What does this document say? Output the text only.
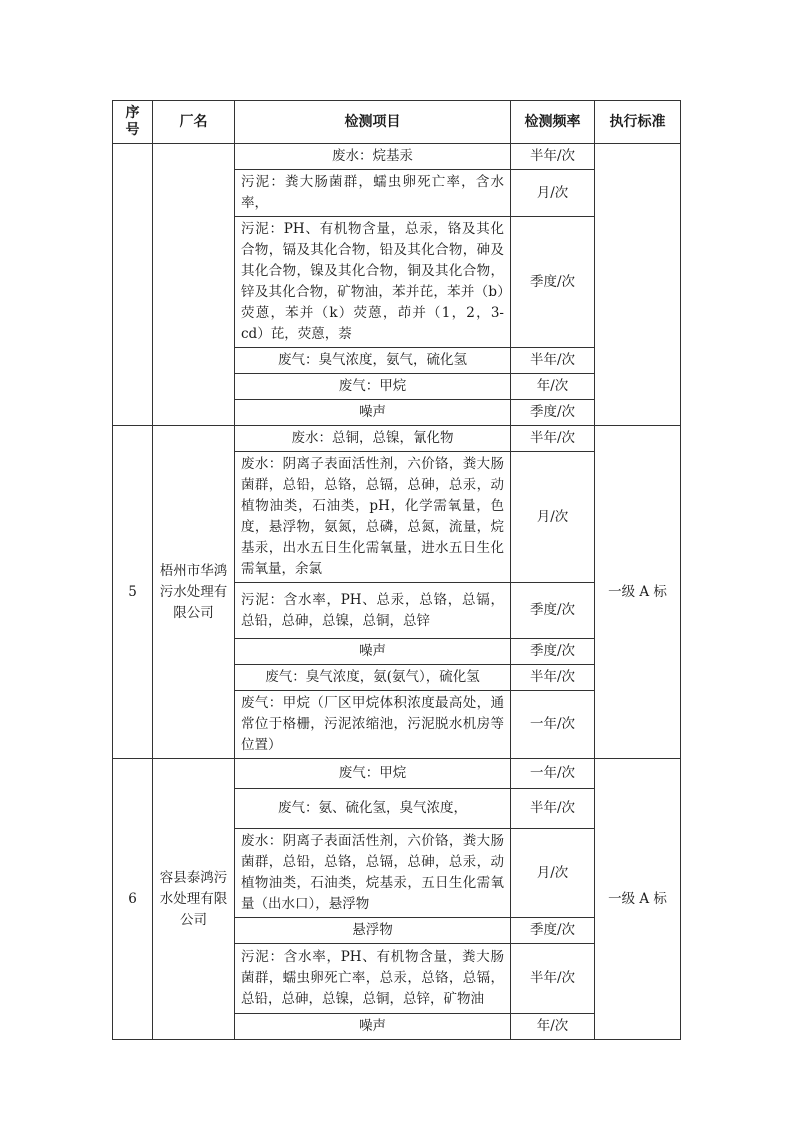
序号	厂名	检测项目	检测频率	执行标准
		废水：烷基汞	半年/次	
		污泥：粪大肠菌群，蠕虫卵死亡率，含水率，	月/次	
		污泥：PH、有机物含量，总汞，铬及其化合物，镉及其化合物，铅及其化合物，砷及其化合物，镍及其化合物，铜及其化合物，锌及其化合物，矿物油，苯并芘，苯并（b）荧蒽，苯并（k）荧蒽，茚并（1，2，3-cd）芘，荧蒽，萘	季度/次	
		废气：臭气浓度，氨气，硫化氢	半年/次	
		废气：甲烷	年/次	
		噪声	季度/次	
5	梧州市华鸿污水处理有限公司	废水：总铜，总镍，氰化物	半年/次	一级 A 标
		废水：阴离子表面活性剂，六价铬，粪大肠菌群，总铅，总铬，总镉，总砷，总汞，动植物油类，石油类，pH，化学需氧量，色度，悬浮物，氨氮，总磷，总氮，流量，烷基汞，出水五日生化需氧量，进水五日生化需氧量，余氯	月/次	
		污泥：含水率，PH、总汞，总铬，总镉，总铅，总砷，总镍，总铜，总锌	季度/次	
		噪声	季度/次	
		废气：臭气浓度，氨(氨气），硫化氢	半年/次	
		废气：甲烷（厂区甲烷体积浓度最高处，通常位于格栅，污泥浓缩池，污泥脱水机房等位置）	一年/次	
6	容县泰鸿污水处理有限公司	废气：甲烷	一年/次	一级 A 标
		废气：氨、硫化氢，臭气浓度，	半年/次	
		废水：阴离子表面活性剂，六价铬，粪大肠菌群，总铅，总铬，总镉，总砷，总汞，动植物油类，石油类，烷基汞，五日生化需氧量（出水口），悬浮物	月/次	
		悬浮物	季度/次	
		污泥：含水率，PH、有机物含量，粪大肠菌群，蠕虫卵死亡率，总汞，总铬，总镉，总铅，总砷，总镍，总铜，总锌，矿物油	半年/次	
		噪声	年/次	
